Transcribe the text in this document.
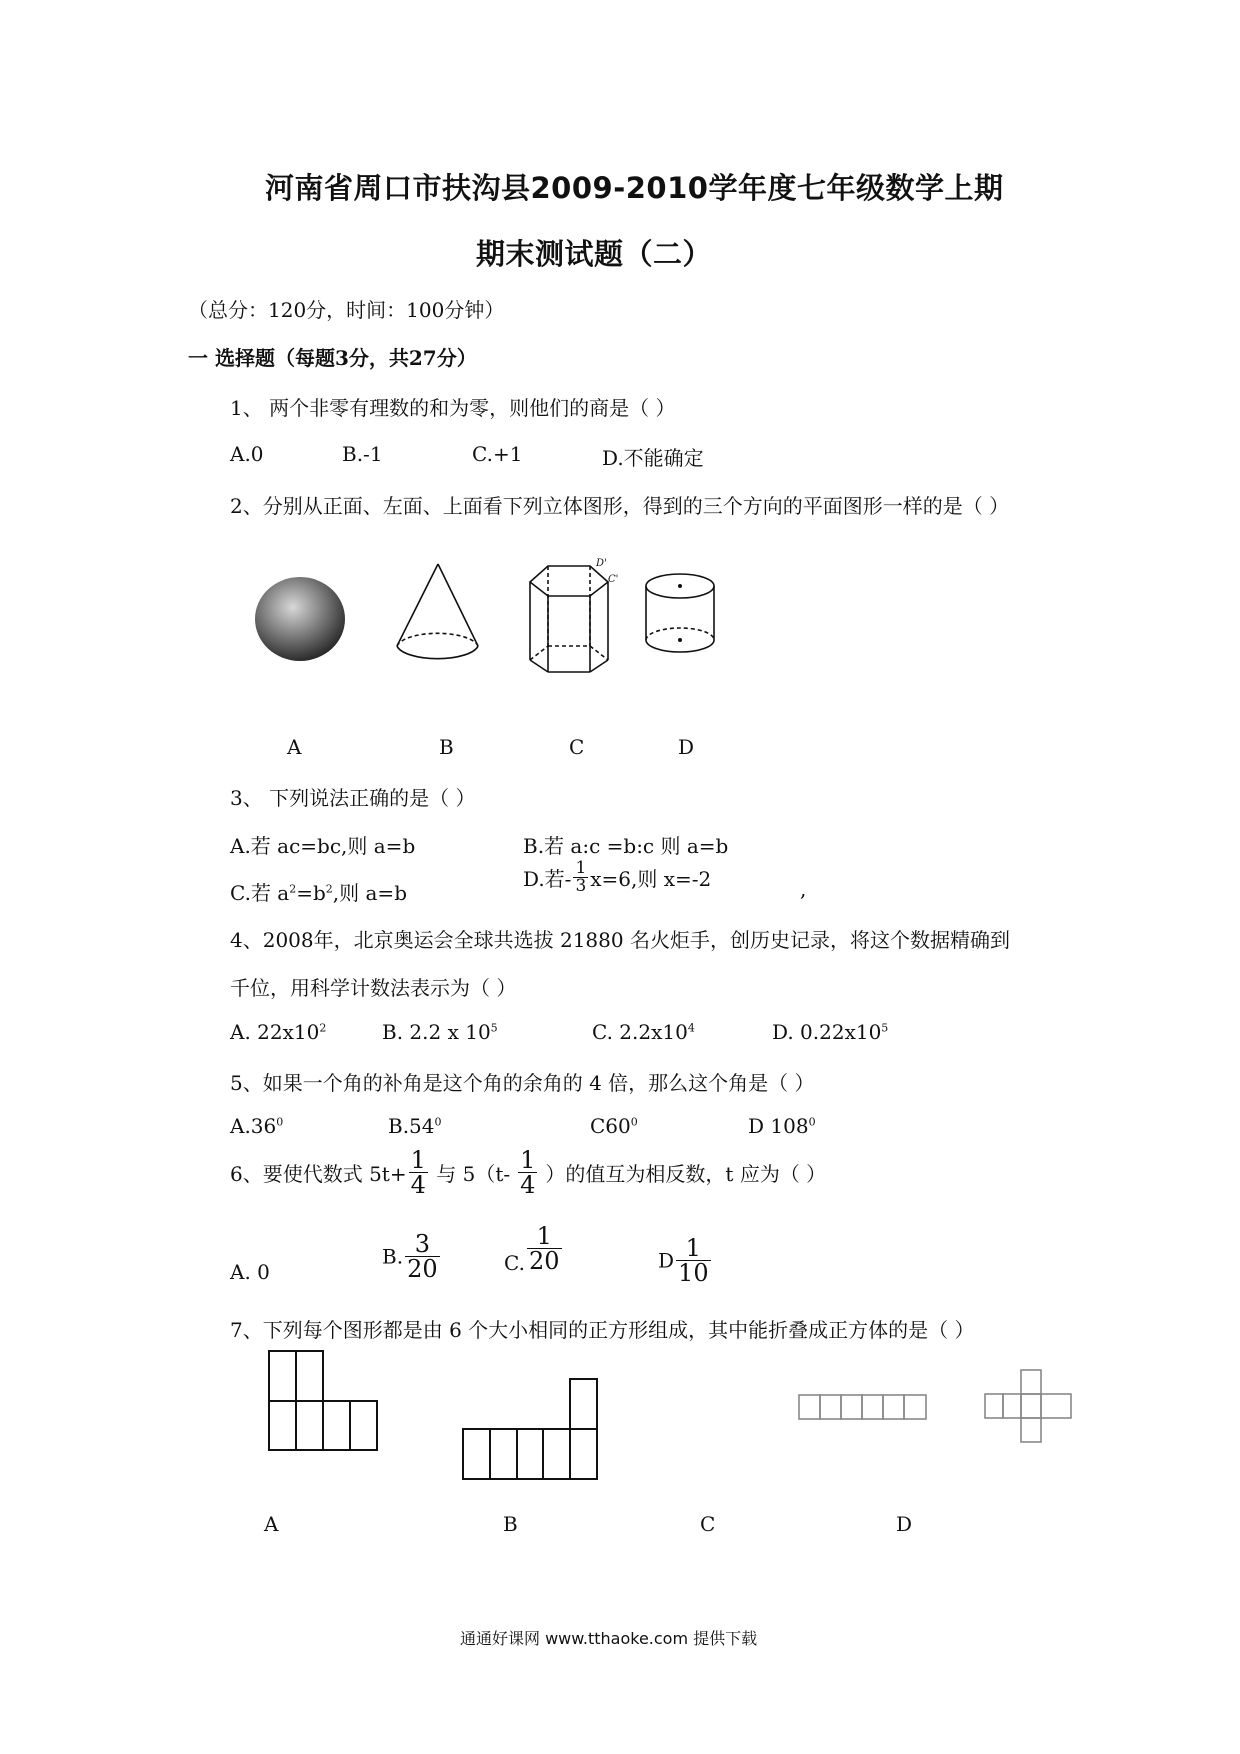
河南省周口市扶沟县2009-2010学年度七年级数学上期
期末测试题（二）
（总分：120分，时间：100分钟）
一 选择题（每题3分，共27分）
1、 两个非零有理数的和为零，则他们的商是（ ）
A.0	B.-1	C.+1	D.不能确定
2、分别从正面、左面、上面看下列立体图形，得到的三个方向的平面图形一样的是（ ）
D'
C'
A	B	C	D
3、 下列说法正确的是（ ）
A.若 ac=bc,则 a=b	B.若 a:c =b:c 则 a=b
C.若 $a^2=b^2$,则 a=b
D.若- $\frac{1}{3} x=6$,则 x=-2	,
4、2008年，北京奥运会全球共选拔 21880 名火炬手，创历史记录，将这个数据精确到
千位，用科学计数法表示为（ ）
A. $22x10^2$	B. 2.2 x $10^5$	C. $2.2x10^4$	D. $0.22x10^5$
5、如果一个角的补角是这个角的余角的 4 倍，那么这个角是（ ）
$A.36^0$	$B.54^0$	$C60^0$	D $108^0$
6、要使代数式 $5t+ \frac{1}{4}$ 与 $5(t- \frac{1}{4}$ ）的值互为相反数，t 应为（ ）
A. 0
B. $\frac{3}{20}$	C. $\frac{1}{20}$	D $\frac{1}{10}$
7、下列每个图形都是由 6 个大小相同的正方形组成，其中能折叠成正方体的是（ ）
A	B	C	D
通通好课网 www.tthaoke.com 提供下载
